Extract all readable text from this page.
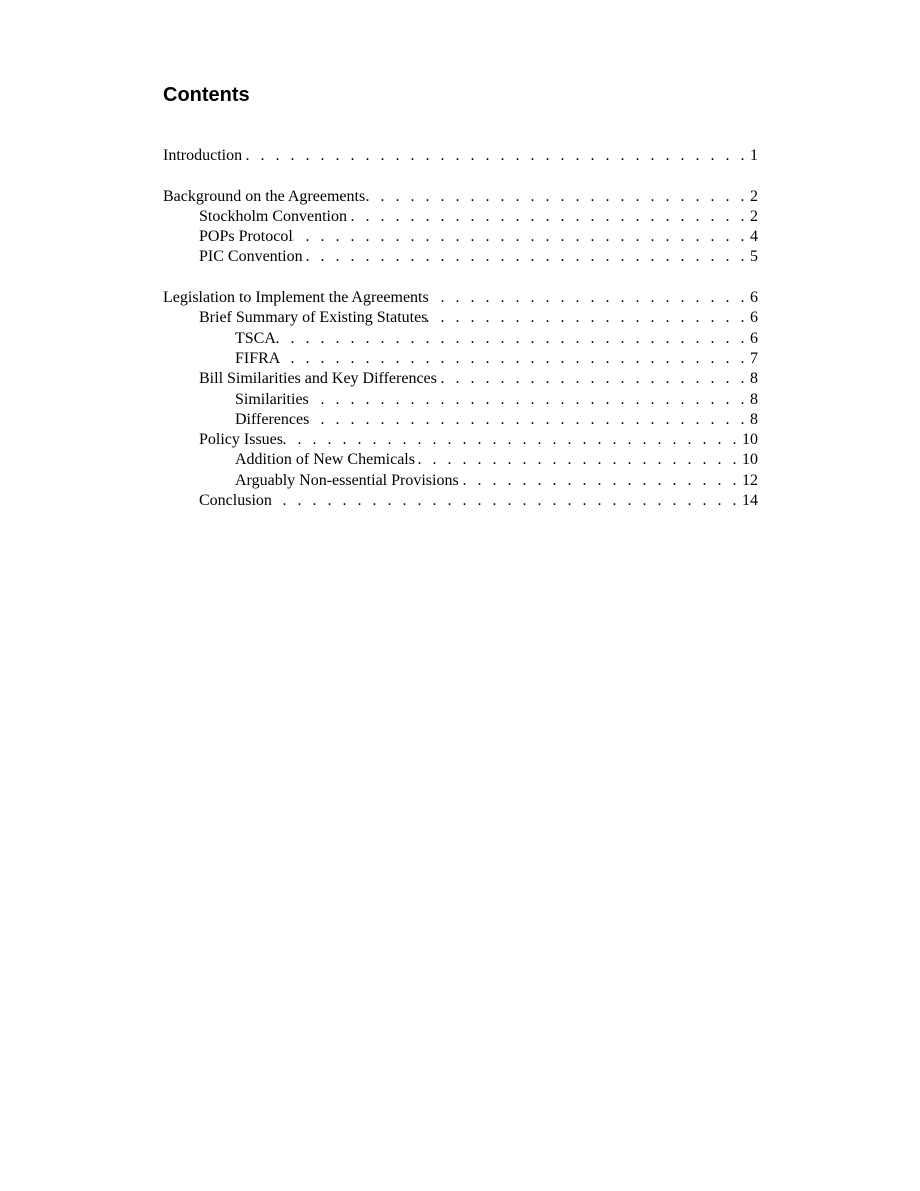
Contents
Introduction . . .	1
Background on the Agreements . . .	2
Stockholm Convention . . .	2
POPs Protocol . . .	4
PIC Convention . . .	5
Legislation to Implement the Agreements . . .	6
Brief Summary of Existing Statutes . . .	6
TSCA . . .	6
FIFRA . . .	7
Bill Similarities and Key Differences . . .	8
Similarities . . .	8
Differences . . .	8
Policy Issues . . .	10
Addition of New Chemicals . . .	10
Arguably Non-essential Provisions . . .	12
Conclusion . . .	14
